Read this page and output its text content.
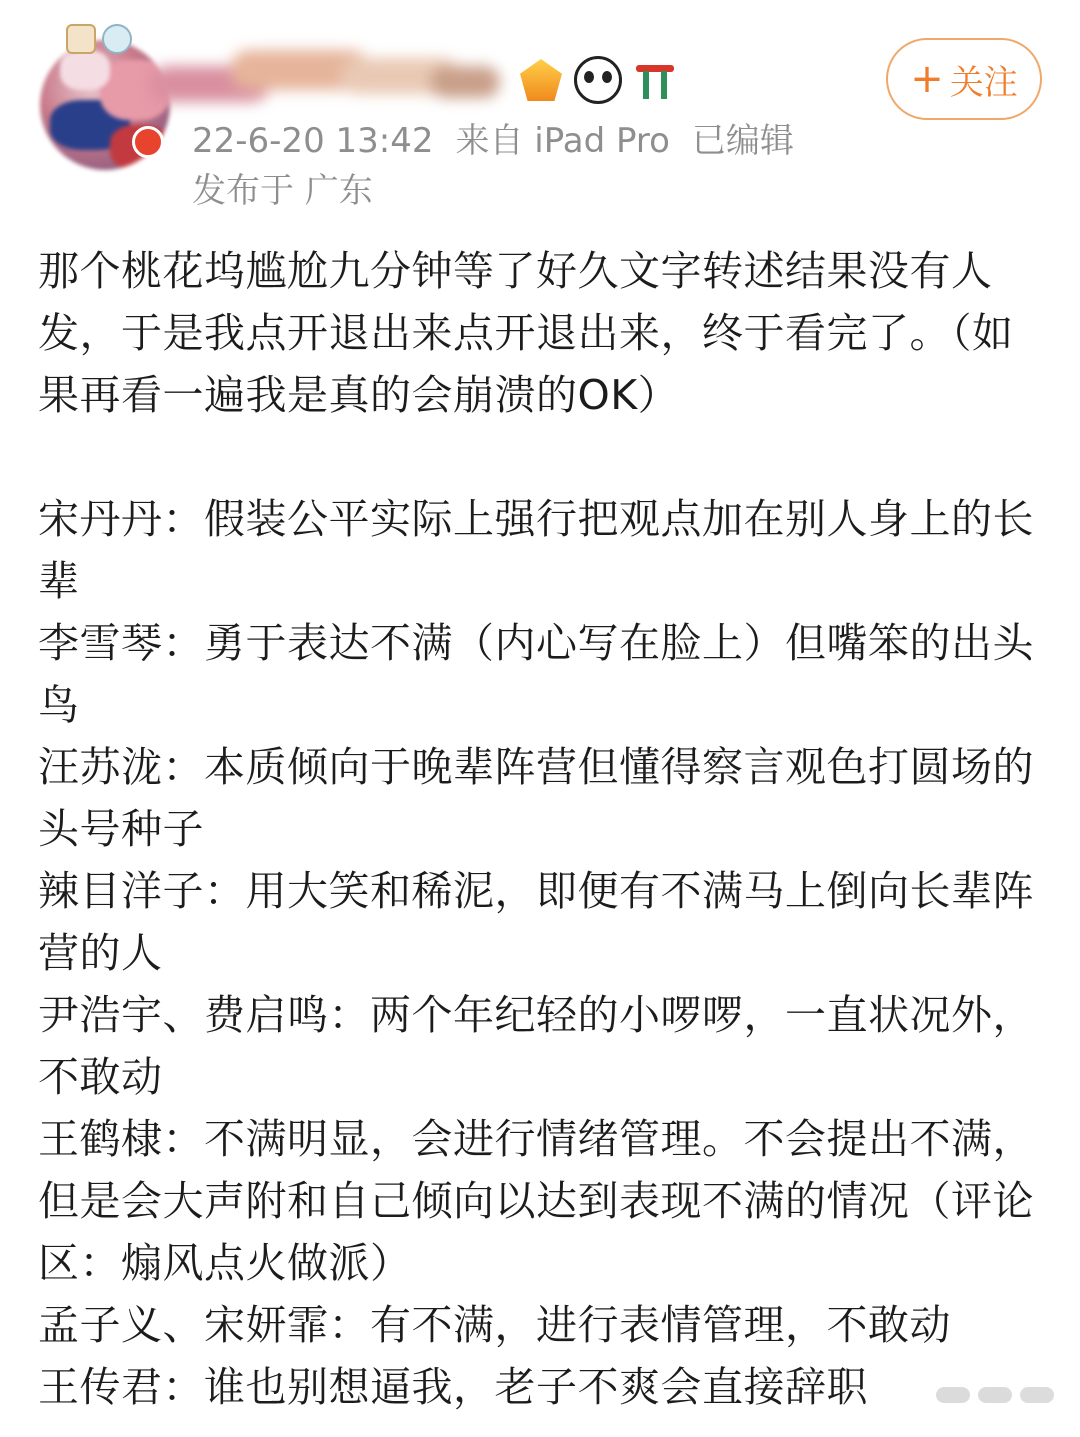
+ 关注
22-6-20 13:42 来自 iPad Pro 已编辑
发布于 广东

那个桃花坞尴尬九分钟等了好久文字转述结果没有人发，于是我点开退出来点开退出来，终于看完了。（如果再看一遍我是真的会崩溃的OK）

宋丹丹：假装公平实际上强行把观点加在别人身上的长辈

李雪琴：勇于表达不满（内心写在脸上）但嘴笨的出头鸟

汪苏泷：本质倾向于晚辈阵营但懂得察言观色打圆场的头号种子

辣目洋子：用大笑和稀泥，即便有不满马上倒向长辈阵营的人

尹浩宇、费启鸣：两个年纪轻的小啰啰，一直状况外，不敢动

王鹤棣：不满明显，会进行情绪管理。不会提出不满，但是会大声附和自己倾向以达到表现不满的情况（评论区：煽风点火做派）

孟子义、宋妍霏：有不满，进行表情管理，不敢动

王传君：谁也别想逼我，老子不爽会直接辞职
